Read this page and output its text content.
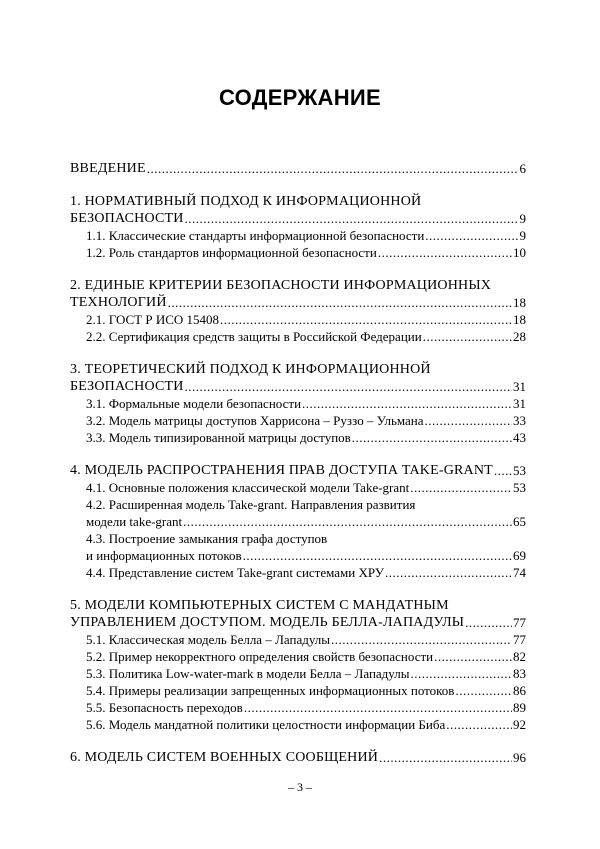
СОДЕРЖАНИЕ
ВВЕДЕНИЕ .....	6
1. НОРМАТИВНЫЙ ПОДХОД К ИНФОРМАЦИОННОЙ
БЕЗОПАСНОСТИ .....	9
1.1. Классические стандарты информационной безопасности .....	9
1.2. Роль стандартов информационной безопасности .....	10
2. ЕДИНЫЕ КРИТЕРИИ БЕЗОПАСНОСТИ ИНФОРМАЦИОННЫХ
ТЕХНОЛОГИЙ .....	18
2.1. ГОСТ Р ИСО 15408 .....	18
2.2. Сертификация средств защиты в Российской Федерации .....	28
3. ТЕОРЕТИЧЕСКИЙ ПОДХОД К ИНФОРМАЦИОННОЙ
БЕЗОПАСНОСТИ .....	31
3.1. Формальные модели безопасности .....	31
3.2. Модель матрицы доступов Харрисона – Руззо – Ульмана .....	33
3.3. Модель типизированной матрицы доступов .....	43
4. МОДЕЛЬ РАСПРОСТРАНЕНИЯ ПРАВ ДОСТУПА TAKE-GRANT ..... 53
4.1. Основные положения классической модели Take-grant .....	53
4.2. Расширенная модель Take-grant. Направления развития
модели take-grant .....	65
4.3. Построение замыкания графа доступов
и информационных потоков .....	69
4.4. Представление систем Take-grant системами ХРУ .....	74
5. МОДЕЛИ КОМПЬЮТЕРНЫХ СИСТЕМ С МАНДАТНЫМ
УПРАВЛЕНИЕМ ДОСТУПОМ. МОДЕЛЬ БЕЛЛА-ЛАПАДУЛЫ .....	77
5.1. Классическая модель Белла – Лападулы .....	77
5.2. Пример некорректного определения свойств безопасности .....	82
5.3. Политика Low-water-mark в модели Белла – Лападулы .....	83
5.4. Примеры реализации запрещенных информационных потоков .....	86
5.5. Безопасность переходов .....	89
5.6. Модель мандатной политики целостности информации Биба .....	92
6. МОДЕЛЬ СИСТЕМ ВОЕННЫХ СООБЩЕНИЙ .....	96
– 3 –
